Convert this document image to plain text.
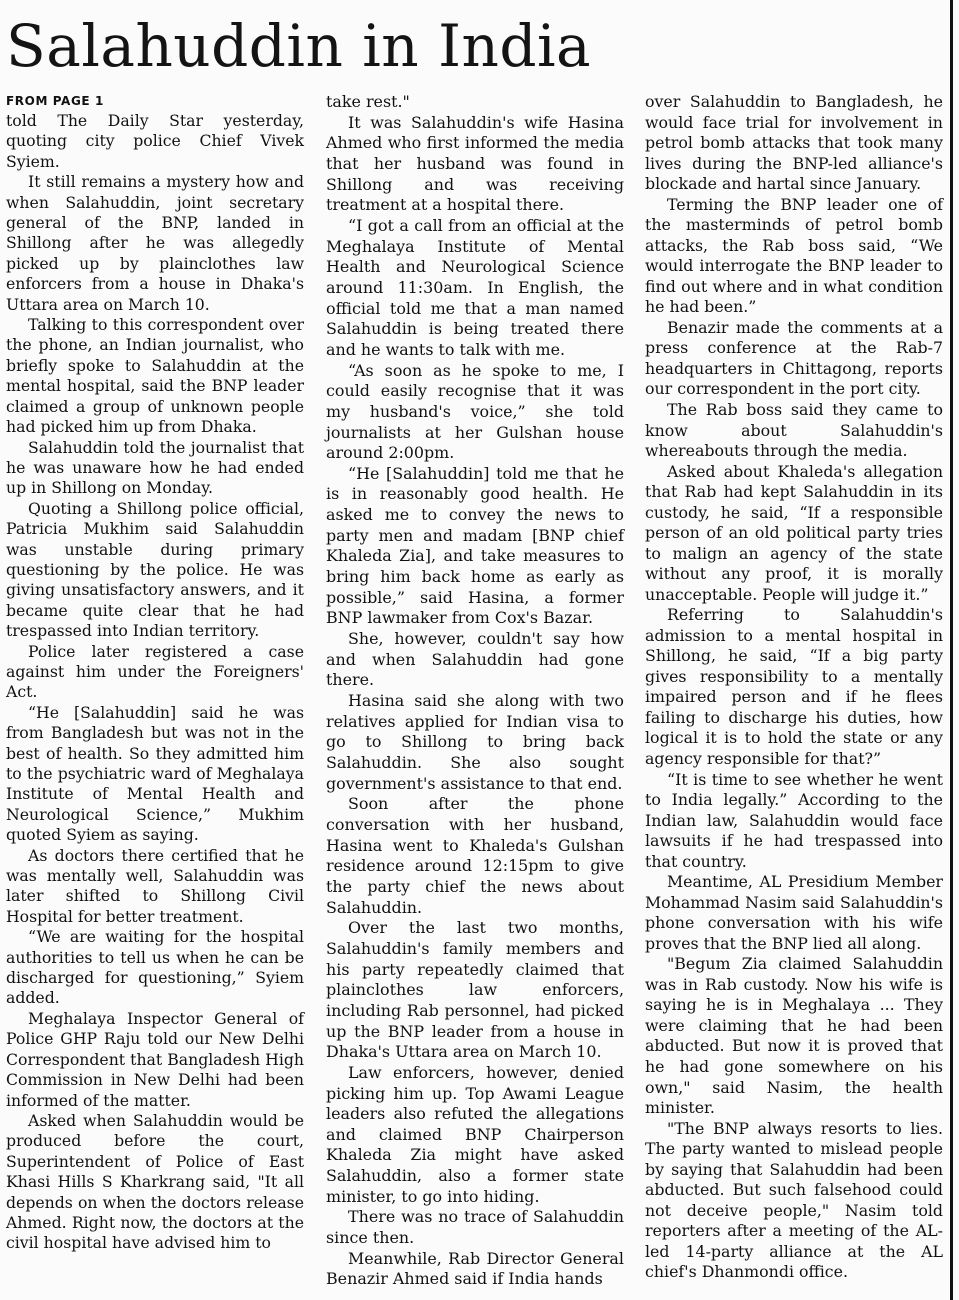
Salahuddin in India

FROM PAGE 1

told The Daily Star yesterday, quoting city police Chief Vivek Syiem.

It still remains a mystery how and when Salahuddin, joint secretary general of the BNP, landed in Shillong after he was allegedly picked up by plainclothes law enforcers from a house in Dhaka's Uttara area on March 10.

Talking to this correspondent over the phone, an Indian journalist, who briefly spoke to Salahuddin at the mental hospital, said the BNP leader claimed a group of unknown people had picked him up from Dhaka.

Salahuddin told the journalist that he was unaware how he had ended up in Shillong on Monday.

Quoting a Shillong police official, Patricia Mukhim said Salahuddin was unstable during primary questioning by the police. He was giving unsatisfactory answers, and it became quite clear that he had trespassed into Indian territory.

Police later registered a case against him under the Foreigners' Act.

“He [Salahuddin] said he was from Bangladesh but was not in the best of health. So they admitted him to the psychiatric ward of Meghalaya Institute of Mental Health and Neurological Science,” Mukhim quoted Syiem as saying.

As doctors there certified that he was mentally well, Salahuddin was later shifted to Shillong Civil Hospital for better treatment.

“We are waiting for the hospital authorities to tell us when he can be discharged for questioning,” Syiem added.

Meghalaya Inspector General of Police GHP Raju told our New Delhi Correspondent that Bangladesh High Commission in New Delhi had been informed of the matter.

Asked when Salahuddin would be produced before the court, Superintendent of Police of East Khasi Hills S Kharkrang said, "It all depends on when the doctors release Ahmed. Right now, the doctors at the civil hospital have advised him to

take rest."

It was Salahuddin's wife Hasina Ahmed who first informed the media that her husband was found in Shillong and was receiving treatment at a hospital there.

“I got a call from an official at the Meghalaya Institute of Mental Health and Neurological Science around 11:30am. In English, the official told me that a man named Salahuddin is being treated there and he wants to talk with me.

“As soon as he spoke to me, I could easily recognise that it was my husband's voice,” she told journalists at her Gulshan house around 2:00pm.

“He [Salahuddin] told me that he is in reasonably good health. He asked me to convey the news to party men and madam [BNP chief Khaleda Zia], and take measures to bring him back home as early as possible,” said Hasina, a former BNP lawmaker from Cox's Bazar.

She, however, couldn't say how and when Salahuddin had gone there.

Hasina said she along with two relatives applied for Indian visa to go to Shillong to bring back Salahuddin. She also sought government's assistance to that end.

Soon after the phone conversation with her husband, Hasina went to Khaleda's Gulshan residence around 12:15pm to give the party chief the news about Salahuddin.

Over the last two months, Salahuddin's family members and his party repeatedly claimed that plainclothes law enforcers, including Rab personnel, had picked up the BNP leader from a house in Dhaka's Uttara area on March 10.

Law enforcers, however, denied picking him up. Top Awami League leaders also refuted the allegations and claimed BNP Chairperson Khaleda Zia might have asked Salahuddin, also a former state minister, to go into hiding.

There was no trace of Salahuddin since then.

Meanwhile, Rab Director General Benazir Ahmed said if India hands

over Salahuddin to Bangladesh, he would face trial for involvement in petrol bomb attacks that took many lives during the BNP-led alliance's blockade and hartal since January.

Terming the BNP leader one of the masterminds of petrol bomb attacks, the Rab boss said, “We would interrogate the BNP leader to find out where and in what condition he had been.”

Benazir made the comments at a press conference at the Rab-7 headquarters in Chittagong, reports our correspondent in the port city.

The Rab boss said they came to know about Salahuddin's whereabouts through the media.

Asked about Khaleda's allegation that Rab had kept Salahuddin in its custody, he said, “If a responsible person of an old political party tries to malign an agency of the state without any proof, it is morally unacceptable. People will judge it.”

Referring to Salahuddin's admission to a mental hospital in Shillong, he said, “If a big party gives responsibility to a mentally impaired person and if he flees failing to discharge his duties, how logical it is to hold the state or any agency responsible for that?”

“It is time to see whether he went to India legally.” According to the Indian law, Salahuddin would face lawsuits if he had trespassed into that country.

Meantime, AL Presidium Member Mohammad Nasim said Salahuddin's phone conversation with his wife proves that the BNP lied all along.

"Begum Zia claimed Salahuddin was in Rab custody. Now his wife is saying he is in Meghalaya ... They were claiming that he had been abducted. But now it is proved that he had gone somewhere on his own," said Nasim, the health minister.

"The BNP always resorts to lies. The party wanted to mislead people by saying that Salahuddin had been abducted. But such falsehood could not deceive people," Nasim told reporters after a meeting of the AL-led 14-party alliance at the AL chief's Dhanmondi office.
